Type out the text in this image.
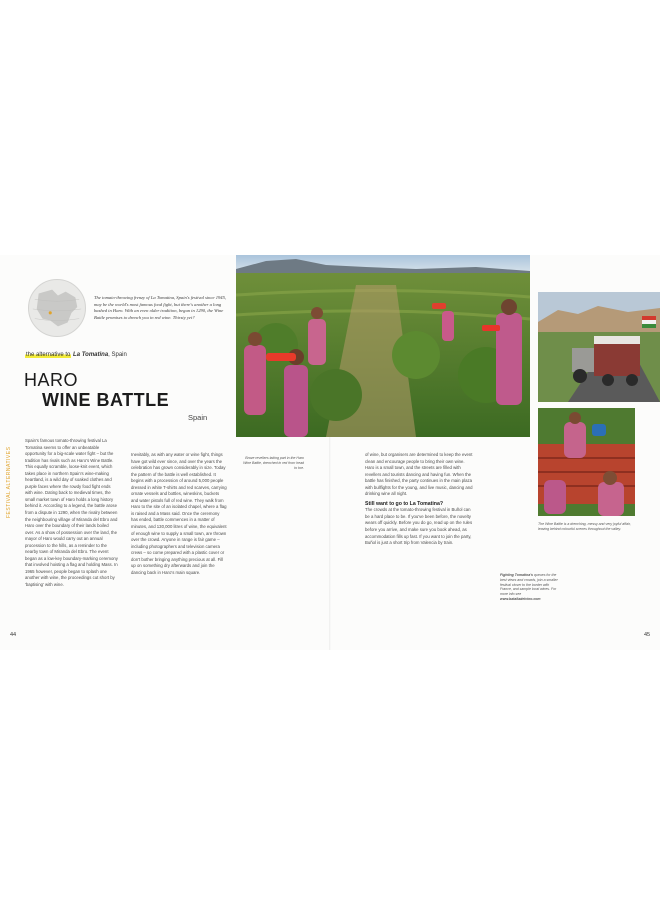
The tomato-throwing frenzy of La Tomatina, Spain's festival since 1945, may be the world's most famous food fight, but there's another a long bashed in Haro. With an even older tradition, begun in 1290, the Wine Battle promises to drench you in red wine. Thirsty yet?
the alternative to La Tomatina, Spain
HARO
WINE BATTLE
Spain
FESTIVAL ALTERNATIVES

Spain's famous tomato-throwing festival La Tomatina seems to offer an unbeatable opportunity for a big-scale water fight – but the tradition has rivals such as Haro's Wine Battle. This equally scramble, loose-knit event, which takes place in northern Spain's wine-making heartland, is a wild day of soaked clothes and purple faces where the rowdy food fight ends with wine. Dating back to medieval times, the small market town of Haro holds a long history behind it. According to a legend, the battle arose from a dispute in 1290, when the rivalry between the neighbouring village of Miranda del Ebro and Haro over the boundary of their lands boiled over. As a show of possession over the land, the mayor of Haro would carry out an annual procession to the hills, as a reminder to the nearby town of Miranda del Ebro. The event began as a low-key boundary-marking ceremony that involved hoisting a flag and holding Mass. In 1965 however, people began to splash one another with wine, the proceedings cut short by 'baptising' with wine.

Inevitably, as with any water or wine fight, things have got wild ever since, and over the years the celebration has grown considerably in size. Today the pattern of the battle is well established. It begins with a procession of around 5,000 people dressed in white T-shirts and red scarves, carrying ornate vessels and bottles, wineskins, buckets and water pistols full of red wine. They walk from Haro to the site of an isolated chapel, where a flag is raised and a Mass said. Once the ceremony has ended, battle commences in a matter of minutes, and 130,000 litres of wine, the equivalent of enough wine to supply a small town, are thrown over the crowd. Anyone in range is fair game – including photographers and television camera crews – so come prepared with a plastic cover or don't bother bringing anything precious at all. Fill up on something dry afterwards and join the dancing back in Haro's main square.

of wine, but organisers are determined to keep the event clean and encourage people to bring their own wine. Haro is a small town, and the streets are filled with revellers and tourists dancing and having fun. When the battle has finished, the party continues in the main plaza with bullfights for the young, and live music, dancing and drinking wine all night.

Still want to go to La Tomatina?

The crowds at the tomato-throwing festival in Buñol can be a hard place to be. If you've been before, the novelty wears off quickly. Before you do go, read up on the rules before you arrive, and make sure you book ahead, as accommodation fills up fast. If you want to join the party, Buñol is just a short trip from Valencia by train.

Brave revellers taking part in the Haro Wine Battle, drenched in red from head to toe.
The Wine Battle is a drenching, messy and very joyful affair, leaving behind colourful scenes throughout the valley.
Fighting Tomatina's queues for the best views and crowds, join a smaller festival closer to the border with France, and sample local wines. For more info see www.batalladelvino.com
44	45
